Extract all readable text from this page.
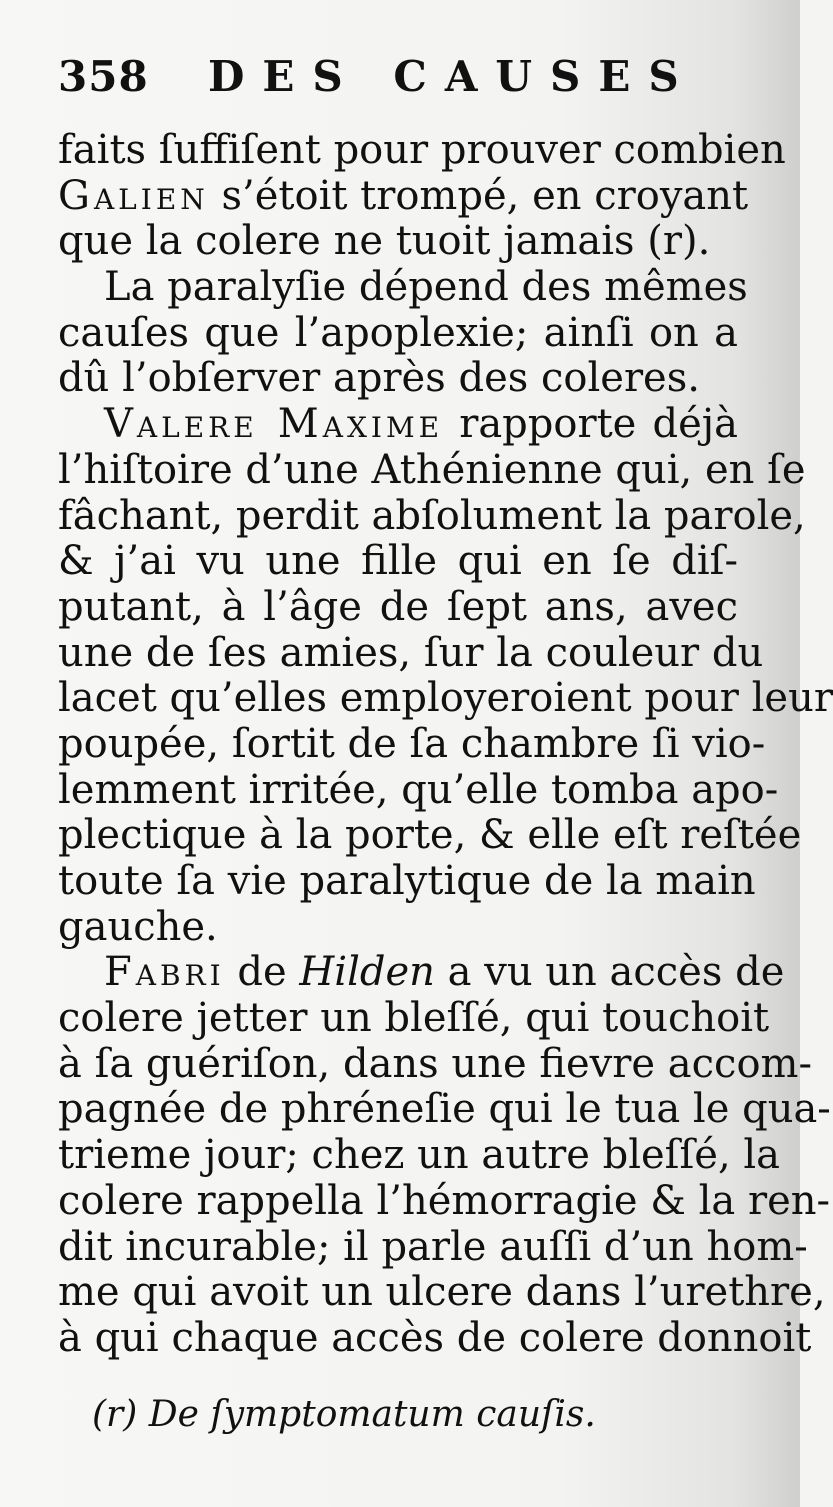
358 DES CAUSES
faits ſuffiſent pour prouver combien
Galien s’étoit trompé, en croyant
que la colere ne tuoit jamais (r).
La paralyſie dépend des mêmes
cauſes que l’apoplexie; ainſi on a
dû l’obſerver après des coleres.
Valere Maxime rapporte déjà
l’hiſtoire d’une Athénienne qui, en ſe
fâchant, perdit abſolument la parole,
& j’ai vu une fille qui en ſe diſ-
putant, à l’âge de ſept ans, avec
une de ſes amies, ſur la couleur du
lacet qu’elles employeroient pour leur
poupée, ſortit de ſa chambre ſi vio-
lemment irritée, qu’elle tomba apo-
plectique à la porte, & elle eſt reſtée
toute ſa vie paralytique de la main
gauche.
Fabri de Hilden a vu un accès de
colere jetter un bleſſé, qui touchoit
à ſa guériſon, dans une fievre accom-
pagnée de phréneſie qui le tua le qua-
trieme jour; chez un autre bleſſé, la
colere rappella l’hémorragie & la ren-
dit incurable; il parle auſſi d’un hom-
me qui avoit un ulcere dans l’urethre,
à qui chaque accès de colere donnoit
(r) De ſymptomatum cauſis.
